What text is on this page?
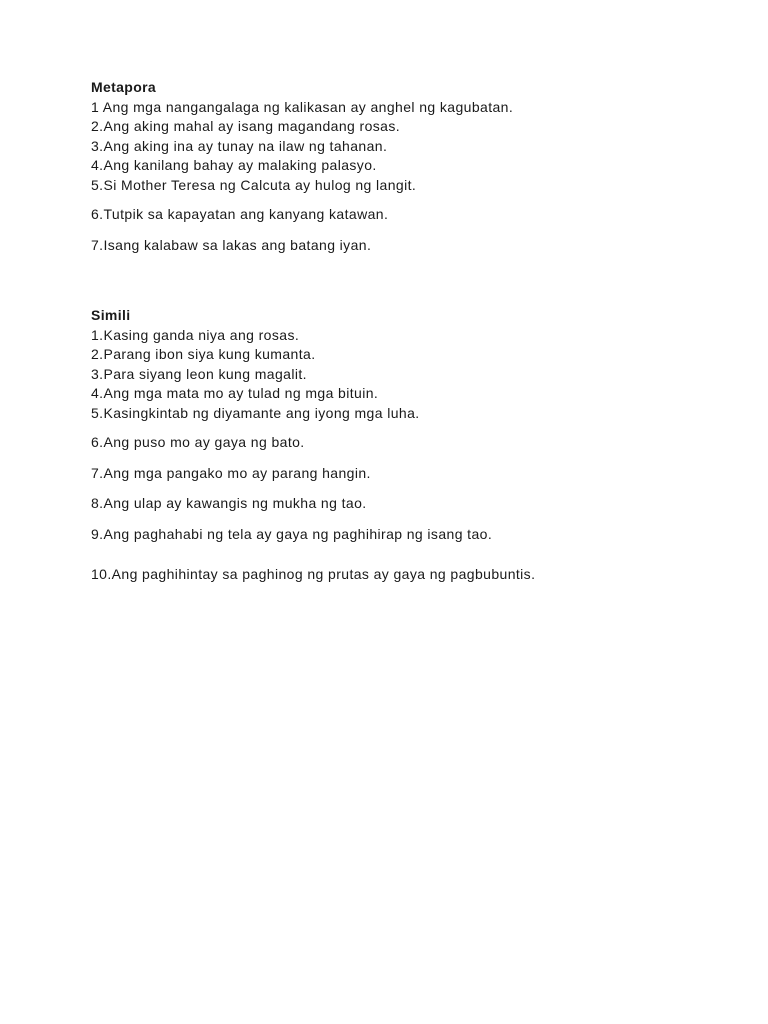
Metapora
1 Ang mga nangangalaga ng kalikasan ay anghel ng kagubatan.
2.Ang aking mahal ay isang magandang rosas.
3.Ang aking ina ay tunay na ilaw ng tahanan.
4.Ang kanilang bahay ay malaking palasyo.
5.Si Mother Teresa ng Calcuta ay hulog ng langit.
6.Tutpik sa kapayatan ang kanyang katawan.
7.Isang kalabaw sa lakas ang batang iyan.
Simili
1.Kasing ganda niya ang rosas.
2.Parang ibon siya kung kumanta.
3.Para siyang leon kung magalit.
4.Ang mga mata mo ay tulad ng mga bituin.
5.Kasingkintab ng diyamante ang iyong mga luha.
6.Ang puso mo ay gaya ng bato.
7.Ang mga pangako mo ay parang hangin.
8.Ang ulap ay kawangis ng mukha ng tao.
9.Ang paghahabi ng tela ay gaya ng paghihirap ng isang tao.
10.Ang paghihintay sa paghinog ng prutas ay gaya ng pagbubuntis.
